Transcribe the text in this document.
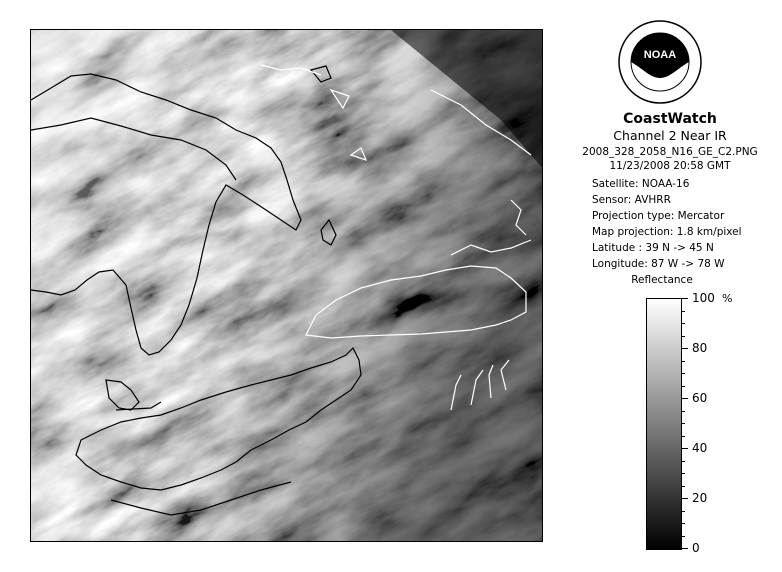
NOAA
CoastWatch
Channel 2 Near IR
2008_328_2058_N16_GE_C2.PNG
11/23/2008 20:58 GMT
Satellite: NOAA-16
Sensor: AVHRR
Projection type: Mercator
Map projection: 1.8 km/pixel
Latitude : 39 N -> 45 N
Longitude: 87 W -> 78 W
Reflectance
%
100
80
60
40
20
0
